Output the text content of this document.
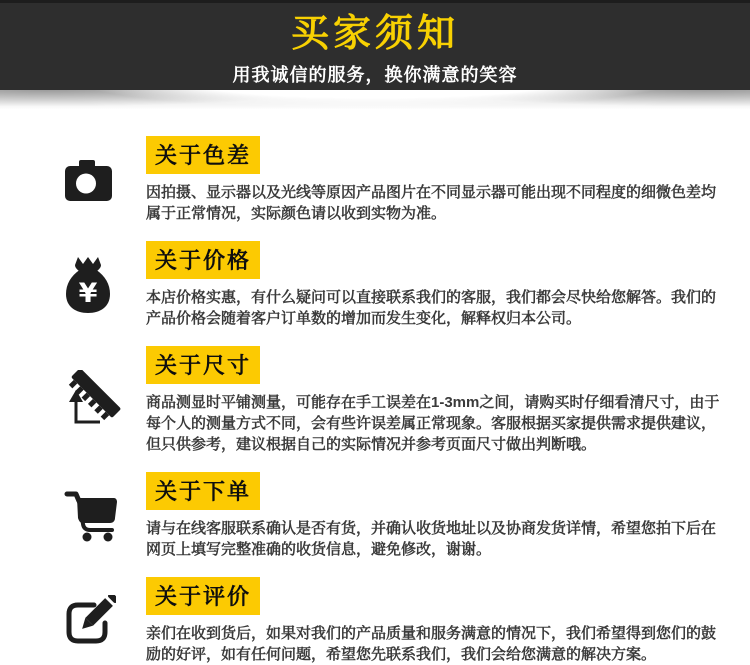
买家须知
用我诚信的服务，换你满意的笑容
关于色差
因拍摄、显示器以及光线等原因产品图片在不同显示器可能出现不同程度的细微色差均属于正常情况，实际颜色请以收到实物为准。
¥
关于价格
本店价格实惠，有什么疑问可以直接联系我们的客服，我们都会尽快给您解答。我们的产品价格会随着客户订单数的增加而发生变化，解释权归本公司。
关于尺寸
商品测显时平铺测量，可能存在手工误差在1-3mm之间，请购买时仔细看清尺寸，由于每个人的测量方式不同，会有些许误差属正常现象。客服根据买家提供需求提供建议，但只供参考，建议根据自己的实际情况并参考页面尺寸做出判断哦。
关于下单
请与在线客服联系确认是否有货，并确认收货地址以及协商发货详情，希望您拍下后在网页上填写完整准确的收货信息，避免修改，谢谢。
关于评价
亲们在收到货后，如果对我们的产品质量和服务满意的情况下，我们希望得到您们的鼓励的好评，如有任何问题，希望您先联系我们，我们会给您满意的解决方案。
